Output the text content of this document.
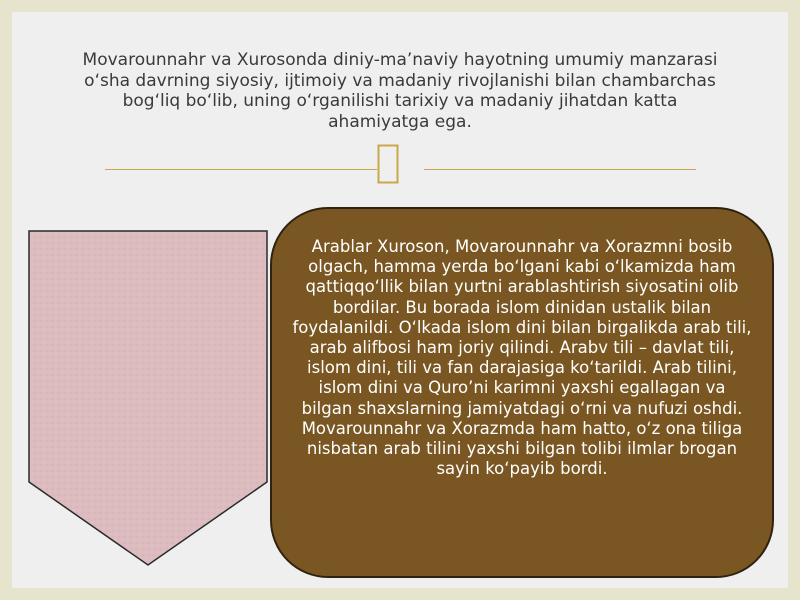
Movarounnahr va Xurosonda diniy-ma’naviy hayotning umumiy manzarasi o‘sha davrning siyosiy, ijtimoiy va madaniy rivojlanishi bilan chambarchas bog‘liq bo‘lib, uning o‘rganilishi tarixiy va madaniy jihatdan katta ahamiyatga ega.

Arablar Xuroson, Movarounnahr va Xorazmni bosib olgach, hamma yerda bo‘lgani kabi o‘lkamizda ham qattiqqo‘llik bilan yurtni arablashtirish siyosatini olib bordilar. Bu borada islom dinidan ustalik bilan foydalanildi. O‘lkada islom dini bilan birgalikda arab tili, arab alifbosi ham joriy qilindi. Arabv tili – davlat tili, islom dini, tili va fan darajasiga ko‘tarildi. Arab tilini, islom dini va Quro’ni karimni yaxshi egallagan va bilgan shaxslarning jamiyatdagi o‘rni va nufuzi oshdi. Movarounnahr va Xorazmda ham hatto, o‘z ona tiliga nisbatan arab tilini yaxshi bilgan tolibi ilmlar brogan sayin ko‘payib bordi.
